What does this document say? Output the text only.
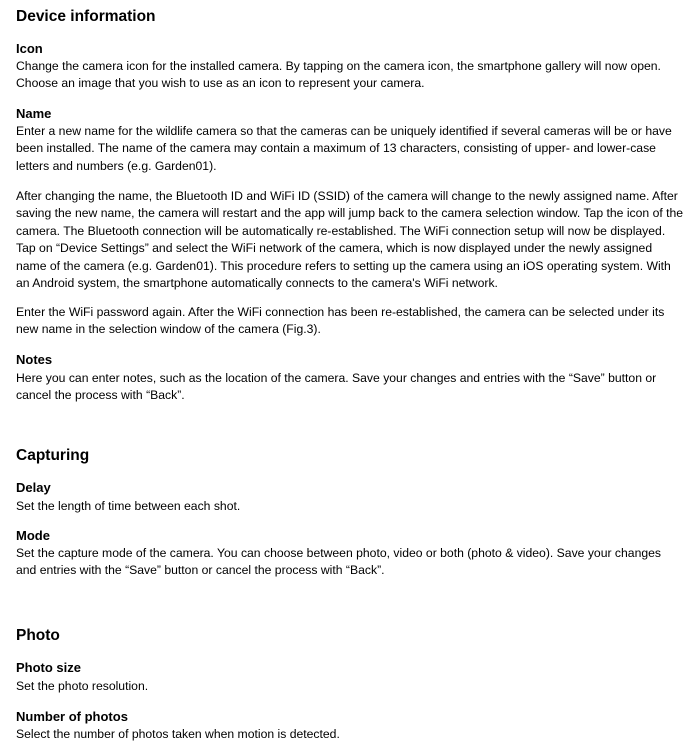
Device information
Icon
Change the camera icon for the installed camera. By tapping on the camera icon, the smartphone gallery will now open. Choose an image that you wish to use as an icon to represent your camera.
Name
Enter a new name for the wildlife camera so that the cameras can be uniquely identified if several cameras will be or have been installed. The name of the camera may contain a maximum of 13 characters, consisting of upper- and lower-case letters and numbers (e.g. Garden01).
After changing the name, the Bluetooth ID and WiFi ID (SSID) of the camera will change to the newly assigned name. After saving the new name, the camera will restart and the app will jump back to the camera selection window. Tap the icon of the camera. The Bluetooth connection will be automatically re-established. The WiFi connection setup will now be displayed. Tap on “Device Settings” and select the WiFi network of the camera, which is now displayed under the newly assigned name of the camera (e.g. Garden01). This procedure refers to setting up the camera using an iOS operating system. With an Android system, the smartphone automatically connects to the camera's WiFi network.
Enter the WiFi password again. After the WiFi connection has been re-established, the camera can be selected under its new name in the selection window of the camera (Fig.3).
Notes
Here you can enter notes, such as the location of the camera. Save your changes and entries with the “Save” button or cancel the process with “Back”.
Capturing
Delay
Set the length of time between each shot.
Mode
Set the capture mode of the camera. You can choose between photo, video or both (photo & video). Save your changes and entries with the “Save” button or cancel the process with “Back”.
Photo
Photo size
Set the photo resolution.
Number of photos
Select the number of photos taken when motion is detected.
